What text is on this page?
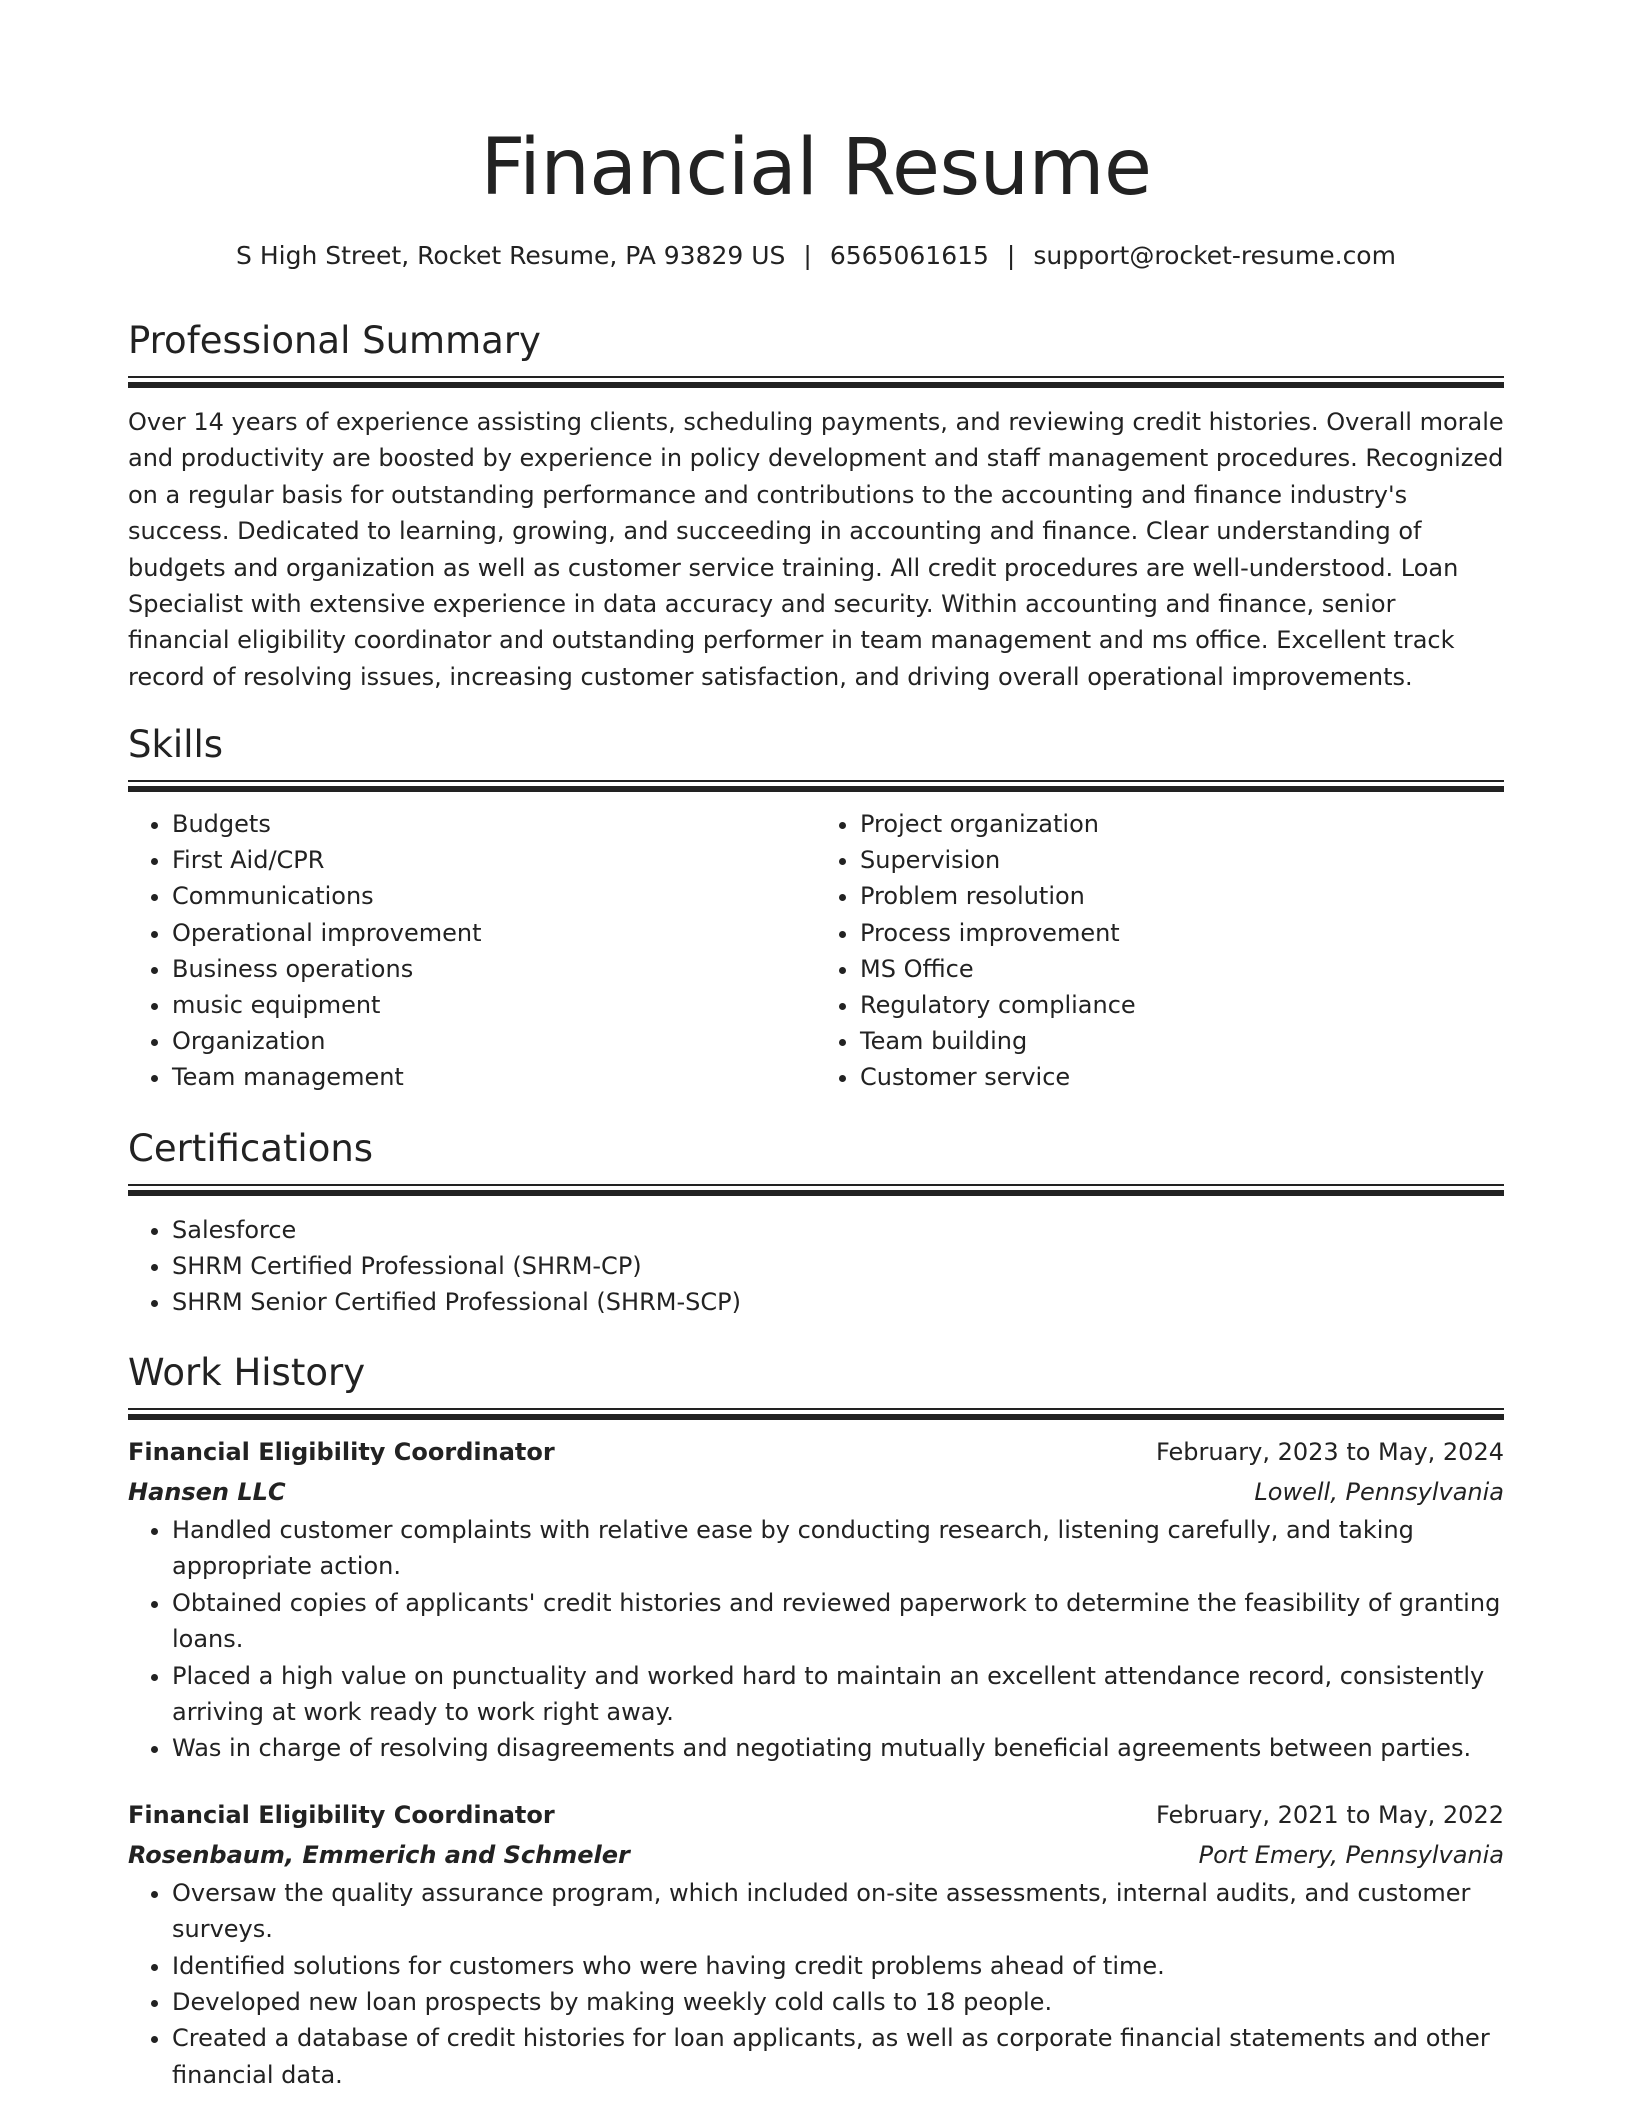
Financial Resume
S High Street, Rocket Resume, PA 93829 US | 6565061615 | support@rocket-resume.com
Professional Summary

Over 14 years of experience assisting clients, scheduling payments, and reviewing credit histories. Overall morale and productivity are boosted by experience in policy development and staff management procedures. Recognized on a regular basis for outstanding performance and contributions to the accounting and finance industry's success. Dedicated to learning, growing, and succeeding in accounting and finance. Clear understanding of budgets and organization as well as customer service training. All credit procedures are well-understood. Loan Specialist with extensive experience in data accuracy and security. Within accounting and finance, senior financial eligibility coordinator and outstanding performer in team management and ms office. Excellent track record of resolving issues, increasing customer satisfaction, and driving overall operational improvements.

Skills
• Budgets
• First Aid/CPR
• Communications
• Operational improvement
• Business operations
• music equipment
• Organization
• Team management
• Project organization
• Supervision
• Problem resolution
• Process improvement
• MS Office
• Regulatory compliance
• Team building
• Customer service
Certifications
• Salesforce
• SHRM Certified Professional (SHRM-CP)
• SHRM Senior Certified Professional (SHRM-SCP)
Work History
Financial Eligibility Coordinator	February, 2023 to May, 2024
Hansen LLC	Lowell, Pennsylvania
• Handled customer complaints with relative ease by conducting research, listening carefully, and taking appropriate action.
• Obtained copies of applicants' credit histories and reviewed paperwork to determine the feasibility of granting loans.
• Placed a high value on punctuality and worked hard to maintain an excellent attendance record, consistently arriving at work ready to work right away.
• Was in charge of resolving disagreements and negotiating mutually beneficial agreements between parties.
Financial Eligibility Coordinator	February, 2021 to May, 2022
Rosenbaum, Emmerich and Schmeler	Port Emery, Pennsylvania
• Oversaw the quality assurance program, which included on-site assessments, internal audits, and customer surveys.
• Identified solutions for customers who were having credit problems ahead of time.
• Developed new loan prospects by making weekly cold calls to 18 people.
• Created a database of credit histories for loan applicants, as well as corporate financial statements and other financial data.
